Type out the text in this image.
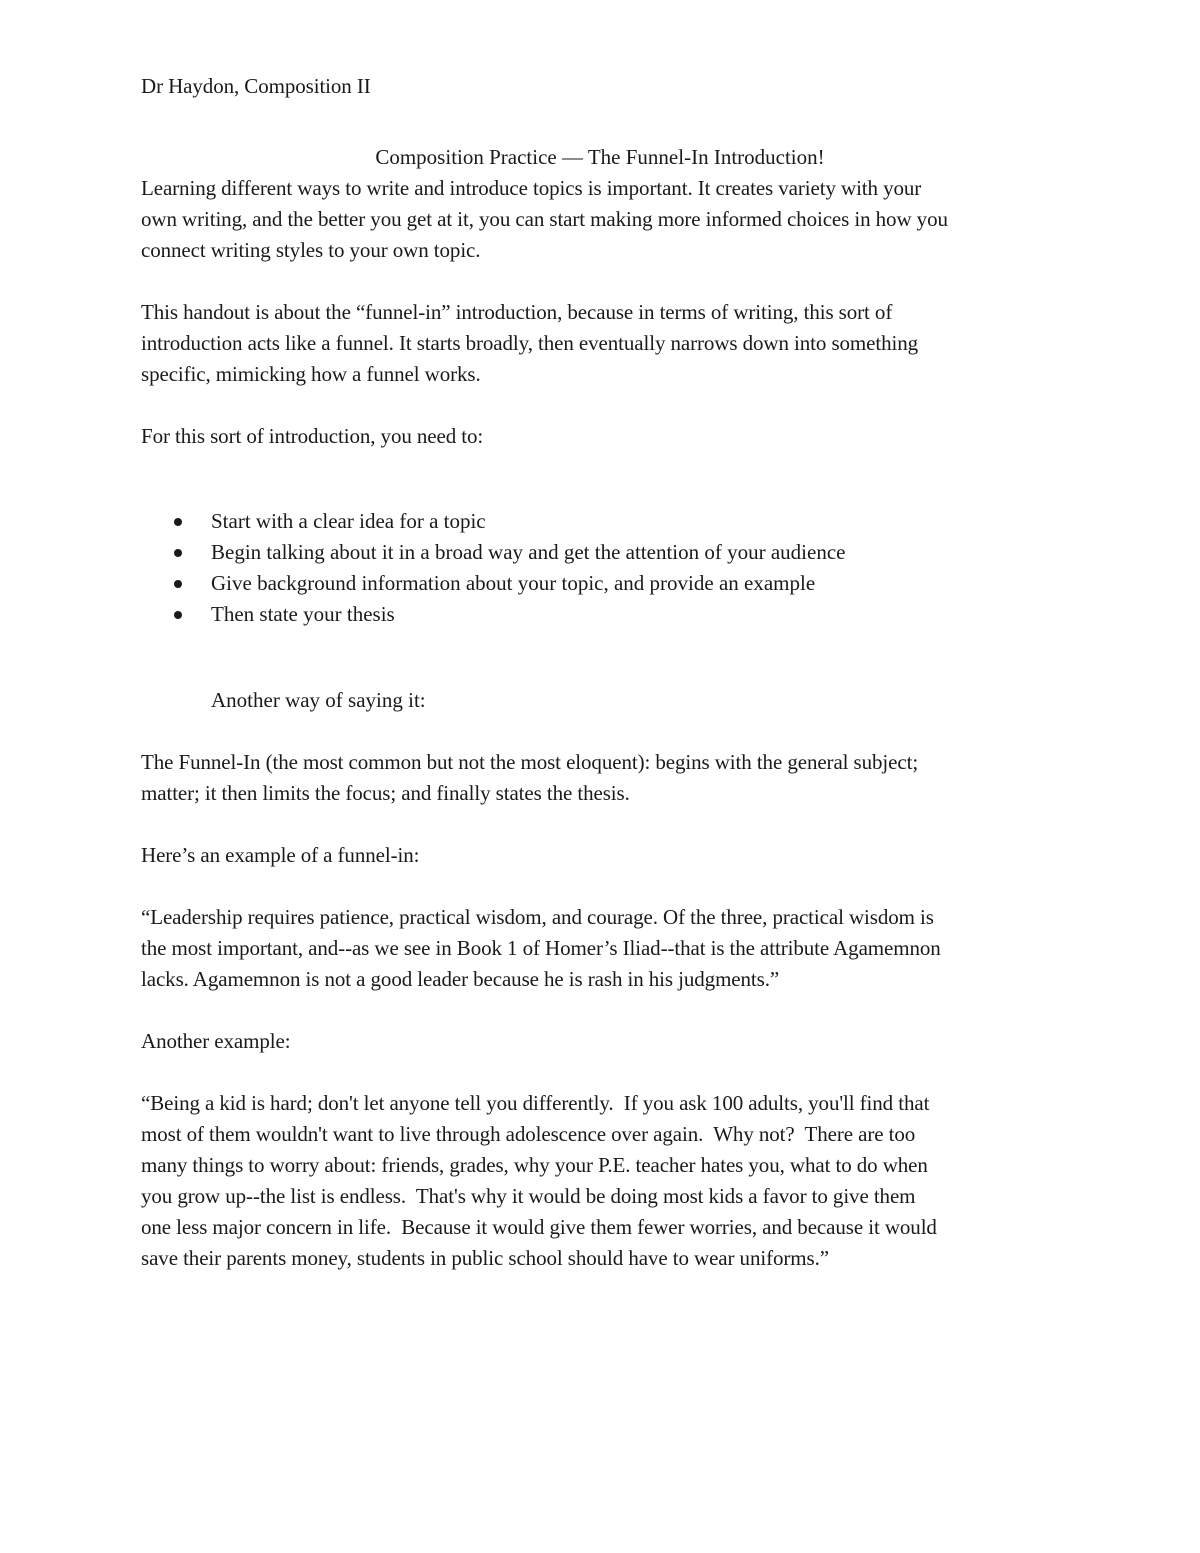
Dr Haydon, Composition II
Composition Practice — The Funnel-In Introduction!
Learning different ways to write and introduce topics is important. It creates variety with your
own writing, and the better you get at it, you can start making more informed choices in how you
connect writing styles to your own topic.
This handout is about the “funnel-in” introduction, because in terms of writing, this sort of
introduction acts like a funnel. It starts broadly, then eventually narrows down into something
specific, mimicking how a funnel works.
For this sort of introduction, you need to:
Start with a clear idea for a topic
Begin talking about it in a broad way and get the attention of your audience
Give background information about your topic, and provide an example
Then state your thesis
Another way of saying it:
The Funnel-In (the most common but not the most eloquent): begins with the general subject;
matter; it then limits the focus; and finally states the thesis.
Here’s an example of a funnel-in:
“Leadership requires patience, practical wisdom, and courage. Of the three, practical wisdom is
the most important, and--as we see in Book 1 of Homer’s Iliad--that is the attribute Agamemnon
lacks. Agamemnon is not a good leader because he is rash in his judgments.”
Another example:
“Being a kid is hard; don't let anyone tell you differently.  If you ask 100 adults, you'll find that
most of them wouldn't want to live through adolescence over again.  Why not?  There are too
many things to worry about: friends, grades, why your P.E. teacher hates you, what to do when
you grow up--the list is endless.  That's why it would be doing most kids a favor to give them
one less major concern in life.  Because it would give them fewer worries, and because it would
save their parents money, students in public school should have to wear uniforms.”
